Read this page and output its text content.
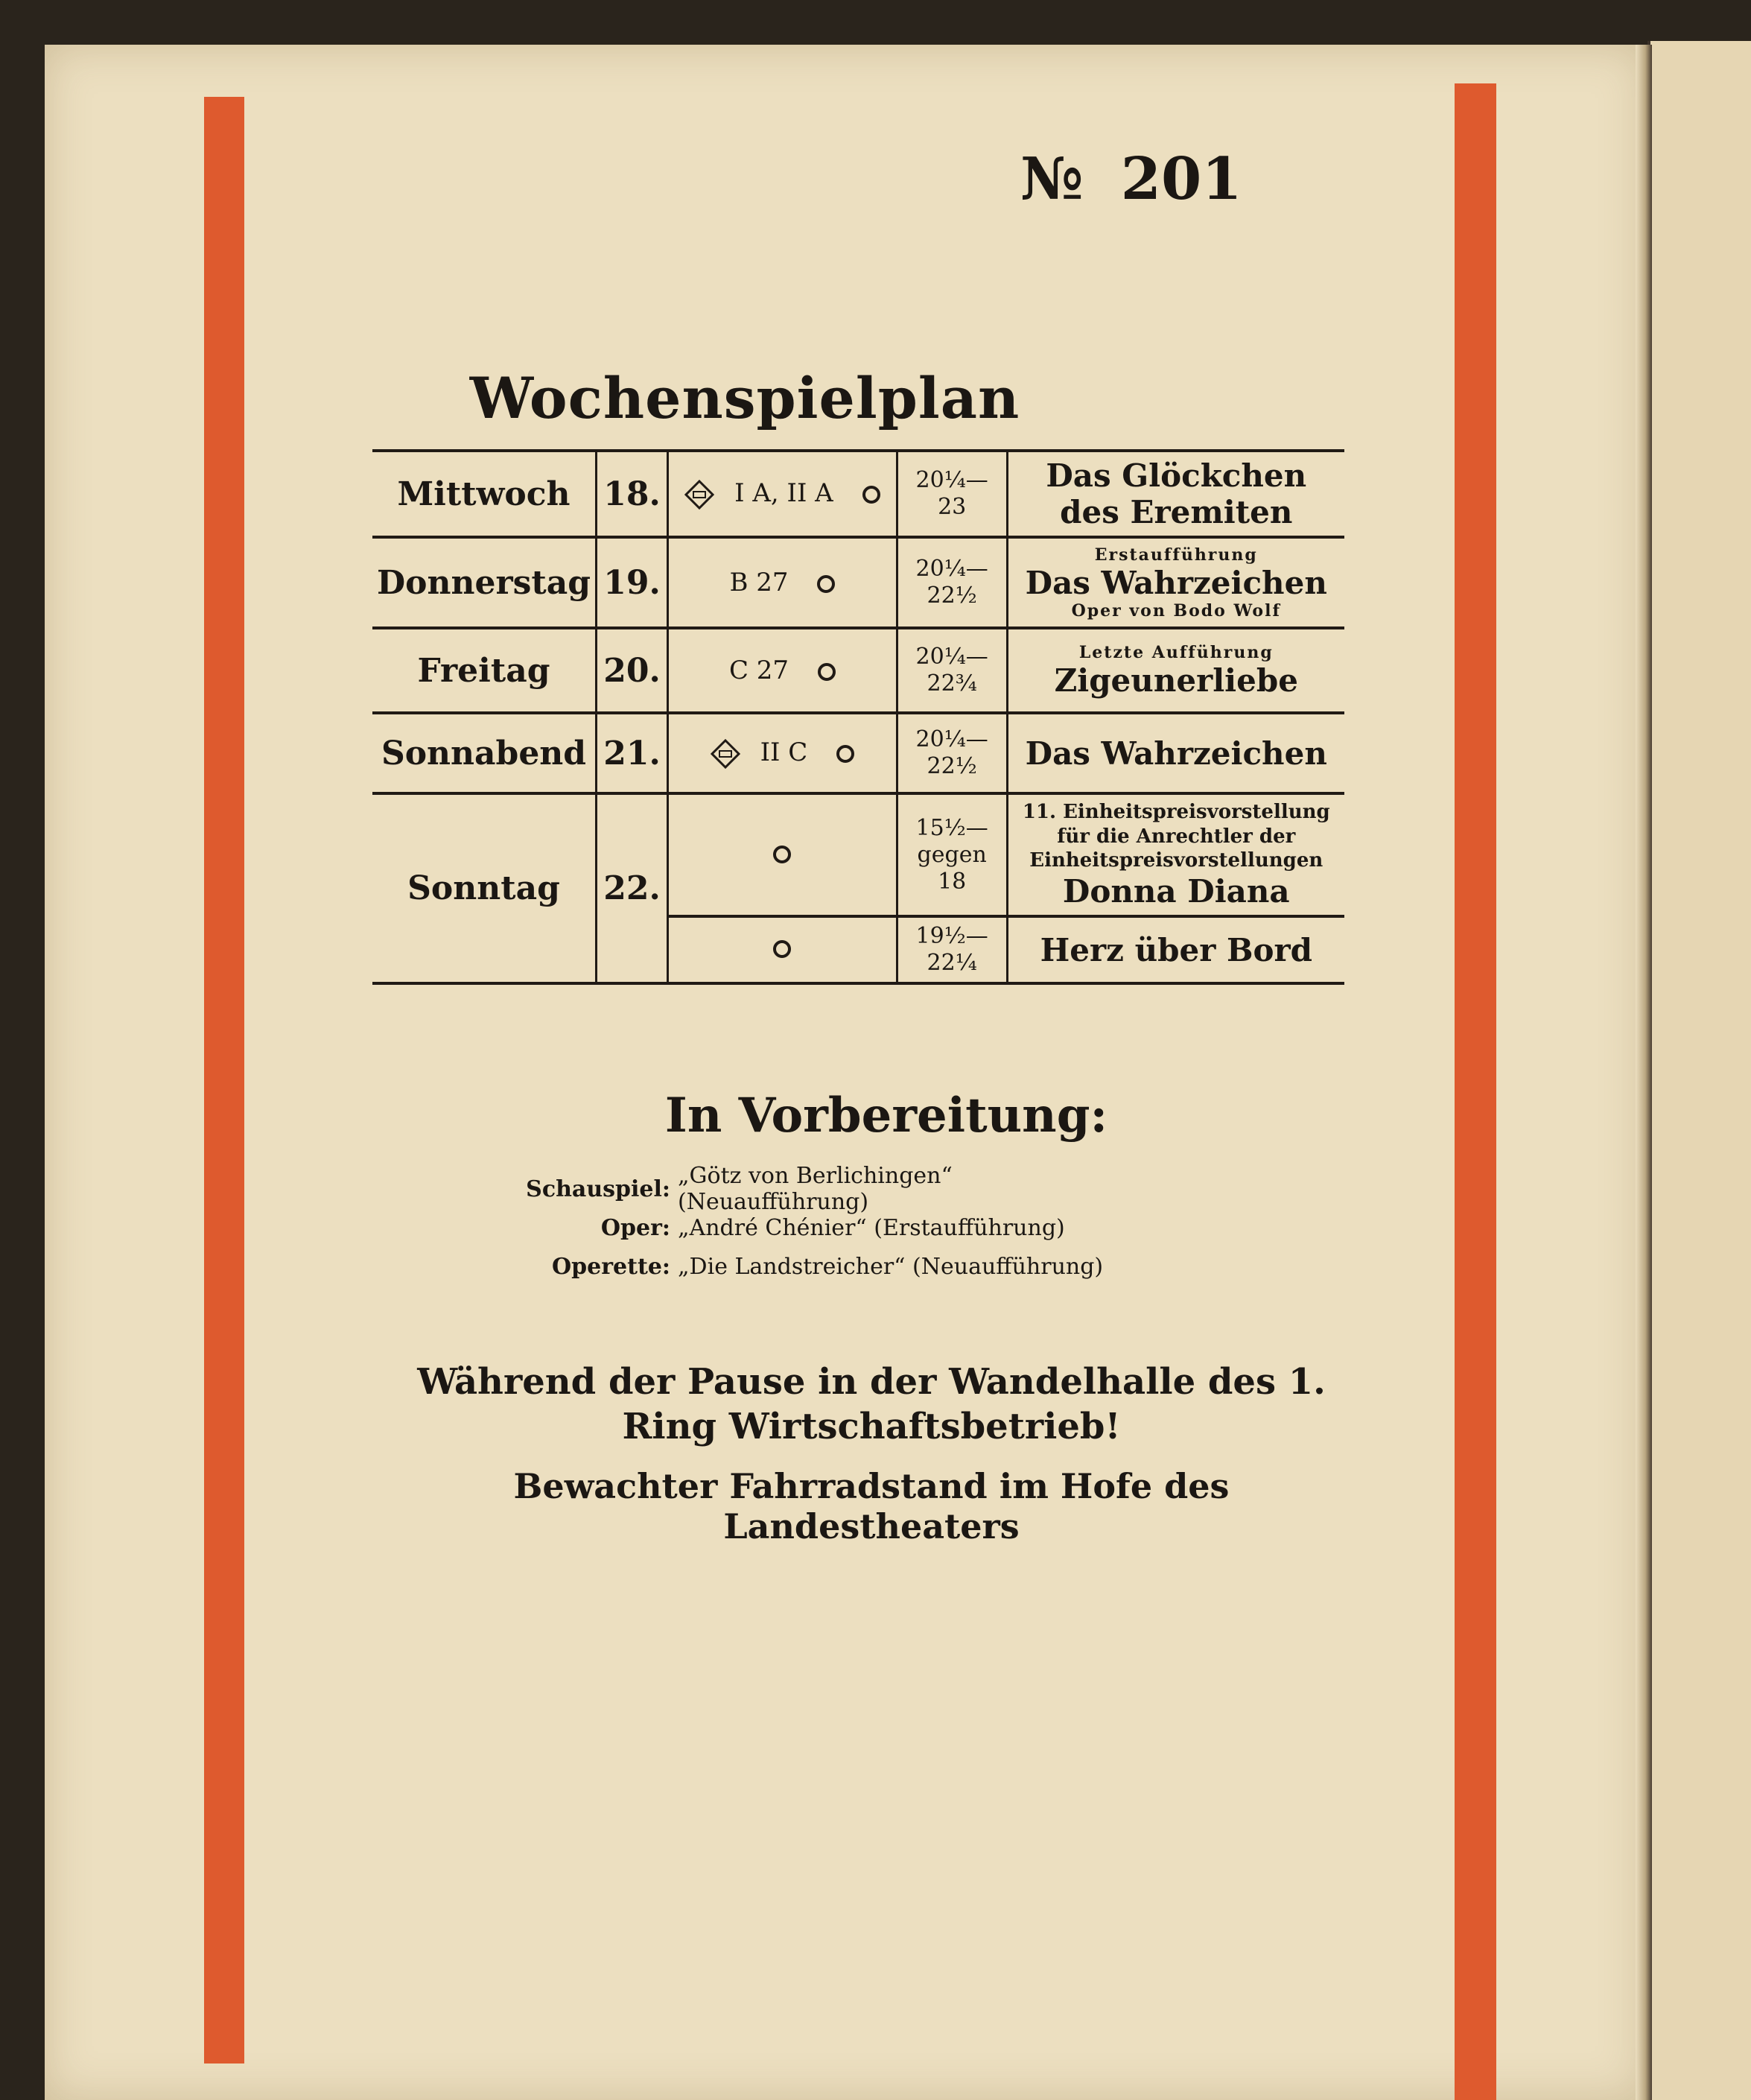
№ 201
Wochenspielplan
Mittwoch	18.	I A, II A	20¼—23	Das Glöckchen des Eremiten

Donnerstag	19.	B 27	20¼—22½	Erstaufführung
Das Wahrzeichen
Oper von Bodo Wolf

Freitag	20.	C 27	20¼—22¾	Letzte Aufführung
Zigeunerliebe

Sonnabend	21.	II C	20¼—22½	Das Wahrzeichen

Sonntag	22.		15½— gegen 18	11. Einheitspreisvorstellung
für die Anrechtler der
Einheitspreisvorstellungen
Donna Diana

			19½—22¼	Herz über Bord
In Vorbereitung:
Schauspiel: „Götz von Berlichingen“ (Neuaufführung)
Oper: „André Chénier“ (Erstaufführung)
Operette: „Die Landstreicher“ (Neuaufführung)
Während der Pause in der Wandelhalle des 1. Ring Wirtschaftsbetrieb!
Bewachter Fahrradstand im Hofe des Landestheaters
